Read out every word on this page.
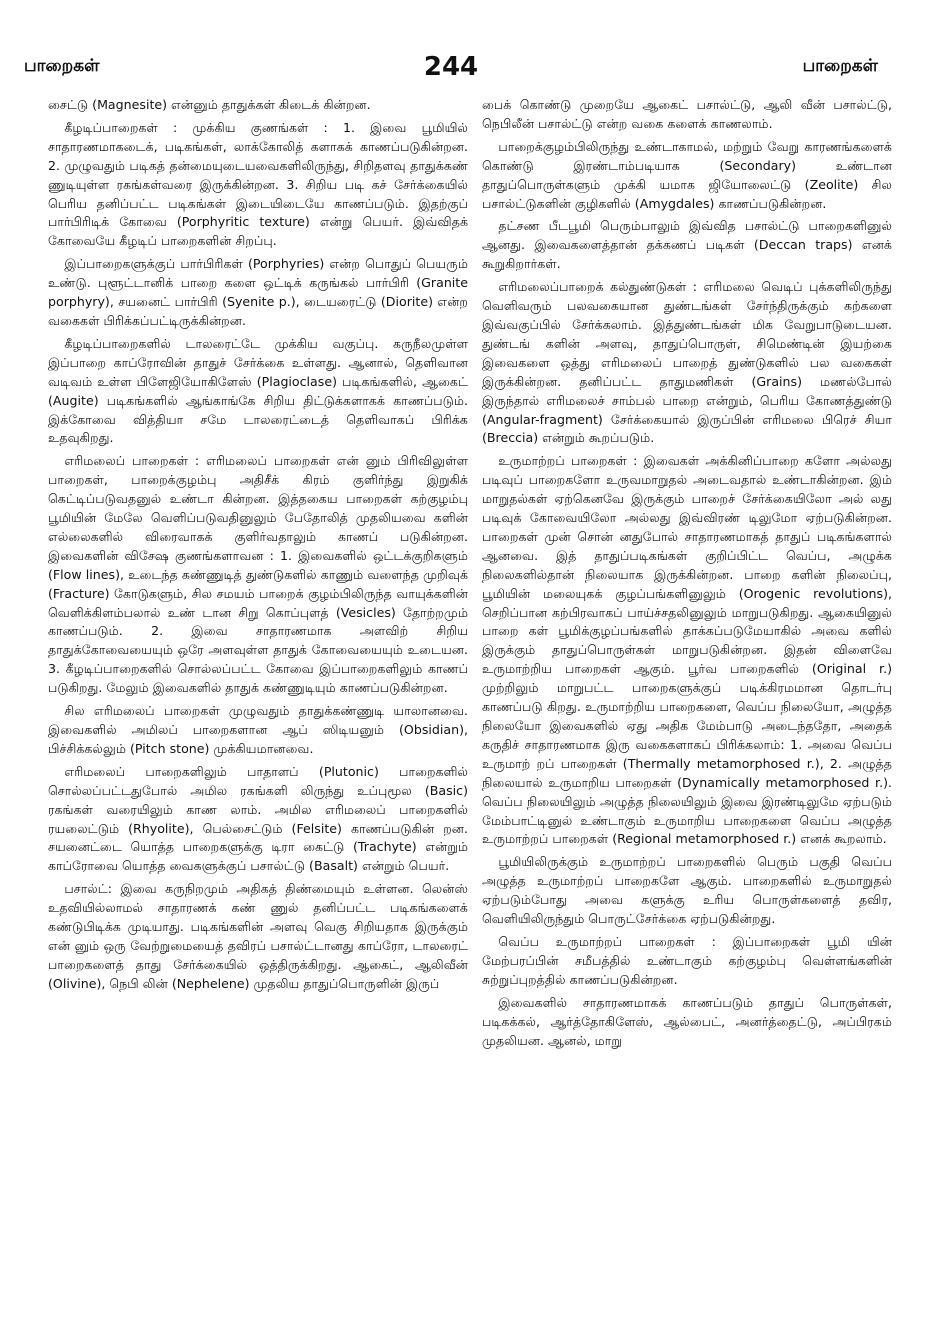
பாறைகள்	244	பாறைகள்

சைட்டு (Magnesite) என்னும் தாதுக்கள் கிடைக் கின்றன.

கீழடிப்பாறைகள் : முக்கிய குணங்கள் : 1. இவை பூமியில் சாதாரணமாகடைக், படிகங்கள், லாக்கோலித் களாகக் காணப்படுகின்றன. 2. முழுவதும் படிகத் தன்மையுடையவைகளிலிருந்து, சிறிதளவு தாதுக்கண் ணுடியுள்ள ரகங்கள்வரை இருக்கின்றன. 3. சிறிய படி கச் சேர்க்கையில் பெரிய தனிப்பட்ட படிகங்கள் இடையிடையே காணப்படும். இதற்குப் பார்பிரிடிக் கோவை (Porphyritic texture) என்று பெயர். இவ்விதக் கோவையே கீழடிப் பாறைகளின் சிறப்பு.

இப்பாறைகளுக்குப் பார்பிரிகள் (Porphyries) என்ற பொதுப் பெயரும் உண்டு. புளூட்டானிக் பாறை களை ஒட்டிக் கருங்கல் பார்பிரி (Granite porphyry), சயனைட் பார்பிரி (Syenite p.), டையரைட்டு (Diorite) என்ற வகைகள் பிரிக்கப்பட்டிருக்கின்றன.

கீழடிப்பாறைகளில் டாலரைட்டே முக்கிய வகுப்பு. கருநீலமுள்ள இப்பாறை காப்ரோவின் தாதுச் சேர்க்கை உள்ளது. ஆனால், தெளிவான வடிவம் உள்ள பிளேஜியோகிளேஸ் (Plagioclase) படிகங்களில், ஆகைட் (Augite) படிகங்களில் ஆங்காங்கே சிறிய திட்டுக்களாகக் காணப்படும். இக்கோவை வித்தியா சமே டாலரைட்டைத் தெளிவாகப் பிரிக்க உதவுகிறது.

எரிமலைப் பாறைகள் : எரிமலைப் பாறைகள் என் னும் பிரிவிலுள்ள பாறைகள், பாறைக்குழம்பு அதிசீக் கிரம் குளிர்ந்து இறுகிக் கெட்டிப்படுவதனுல் உண்டா கின்றன. இத்தகைய பாறைகள் கற்குழம்பு பூமியின் மேலே வெளிப்படுவதினுலும் பேதோலித் முதலியவை களின் எல்லைகளில் விரைவாகக் குளிர்வதாலும் காணப் படுகின்றன. இவைகளின் விசேஷ குணங்களாவன : 1. இவைகளில் ஒட்டக்குறிகளும் (Flow lines), உடைந்த கண்ணுடித் துண்டுகளில் காணும் வளைந்த முறிவுக் (Fracture) கோடுகளும், சில சமயம் பாறைக் குழம்பிலிருந்த வாயுக்களின் வெளிக்கிளம்பலால் உண் டான சிறு கொப்புளத் (Vesicles) தோற்றமும் காணப்படும். 2. இவை சாதாரணமாக அளவிற் சிறிய தாதுக்கோவையையும் ஒரே அளவுள்ள தாதுக் கோவையையும் உடையன. 3. கீழடிப்பாறைகளில் சொல்லப்பட்ட கோவை இப்பாறைகளிலும் காணப் படுகிறது. மேலும் இவைகளில் தாதுக் கண்ணுடியும் காணப்படுகின்றன.

சில எரிமலைப் பாறைகள் முழுவதும் தாதுக்கண்ணுடி யாலானவை. இவைகளில் அமிலப் பாறைகளான ஆப் ஸிடியனும் (Obsidian), பிச்சிக்கல்லும் (Pitch stone) முக்கியமானவை.

எரிமலைப் பாறைகளிலும் பாதாளப் (Plutonic) பாறைகளில் சொல்லப்பட்டதுபோல் அமில ரகங்களி லிருந்து உப்புமூல (Basic) ரகங்கள் வரையிலும் காண லாம். அமில எரிமலைப் பாறைகளில் ரயலைட்டும் (Rhyolite), பெல்சைட்டும் (Felsite) காணப்படுகின் றன. சயனைட்டை யொத்த பாறைகளுக்கு டிரா கைட்டு (Trachyte) என்றும் காப்ரோவை யொத்த வைகளுக்குப் பசால்ட்டு (Basalt) என்றும் பெயர்.

பசால்ட்: இவை கருநிறமும் அதிகத் திண்மையும் உள்ளன. லென்ஸ் உதவியில்லாமல் சாதாரணக் கண் ணுல் தனிப்பட்ட படிகங்களைக் கண்டுபிடிக்க முடியாது. படிகங்களின் அளவு வெகு சிறியதாக இருக்கும் என் னும் ஒரு வேற்றுமையைத் தவிரப் பசால்ட்டானது காப்ரோ, டாலரைட் பாறைகளைத் தாது சேர்க்கையில் ஒத்திருக்கிறது. ஆகைட், ஆலிவீன் (Olivine), நெபி லின் (Nephelene) முதலிய தாதுப்பொருளின் இருப்

பைக் கொண்டு முறையே ஆகைட் பசால்ட்டு, ஆலி வீன் பசால்ட்டு, நெபிலீன் பசால்ட்டு என்ற வகை களைக் காணலாம்.

பாறைக்குழம்பிலிருந்து உண்டாகாமல், மற்றும் வேறு காரணங்களைக் கொண்டு இரண்டாம்படியாக (Secondary) உண்டான தாதுப்பொருள்களும் முக்கி யமாக ஜியோலைட்டு (Zeolite) சில பசால்ட்டுகளின் குழிகளில் (Amygdales) காணப்படுகின்றன.

தட்சண பீடபூமி பெரும்பாலும் இவ்வித பசால்ட்டு பாறைகளினுல் ஆனது. இவைகளைத்தான் தக்கணப் படிகள் (Deccan traps) எனக் கூறுகிறார்கள்.

எரிமலைப்பாறைக் கல்துண்டுகள் : எரிமலை வெடிப் புக்களிலிருந்து வெளிவரும் பலவகையான துண்டங்கள் சேர்ந்திருக்கும் கற்களை இவ்வகுப்பில் சேர்க்கலாம். இத்துண்டங்கள் மிக வேறுபாடுடையன. துண்டங் களின் அளவு, தாதுப்பொருள், சிமெண்டின் இயற்கை இவைகளை ஒத்து எரிமலைப் பாறைத் துண்டுகளில் பல வகைகள் இருக்கின்றன. தனிப்பட்ட தாதுமணிகள் (Grains) மணல்போல் இருந்தால் எரிமலைச் சாம்பல் பாறை என்றும், பெரிய கோணத்துண்டு (Angular-fragment) சேர்க்கையால் இருப்பின் எரிமலை பிரெச் சியா (Breccia) என்றும் கூறப்படும்.

உருமாற்றப் பாறைகள் : இவைகள் அக்கினிப்பாறை களோ அல்லது படிவுப் பாறைகளோ உருவமாறுதல் அடைவதால் உண்டாகின்றன. இம் மாறுதல்கள் ஏற்கெனவே இருக்கும் பாறைச் சேர்க்கையிலோ அல் லது படிவுக் கோவையிலோ அல்லது இவ்விரண் டிலுமோ ஏற்படுகின்றன. பாறைகள் முன் சொன் னதுபோல் சாதாரணமாகத் தாதுப் படிகங்களால் ஆனவை. இத் தாதுப்படிகங்கள் குறிப்பிட்ட வெப்ப, அழுக்க நிலைகளில்தான் நிலையாக இருக்கின்றன. பாறை களின் நிலைப்பு, பூமியின் மலையுகக் குழப்பங்களினுலும் (Orogenic revolutions), செறிப்பான கற்பிரவாகப் பாய்ச்சதலினுலும் மாறுபடுகிறது. ஆகையினுல் பாறை கள் பூமிக்குழப்பங்களில் தாக்கப்படுமேயாகில் அவை களில் இருக்கும் தாதுப்பொருள்கள் மாறுபடுகின்றன. இதன் விளைவே உருமாற்றிய பாறைகள் ஆகும். பூர்வ பாறைகளில் (Original r.) முற்றிலும் மாறுபட்ட பாறைகளுக்குப் படிக்கிரமமான தொடர்பு காணப்படு கிறது. உருமாற்றிய பாறைகளை, வெப்ப நிலையோ, அழுத்த நிலையோ இவைகளில் ஏது அதிக மேம்பாடு அடைந்ததோ, அதைக் கருதிச் சாதாரணமாக இரு வகைகளாகப் பிரிக்கலாம்: 1. அவை வெப்ப உருமாற் றப் பாறைகள் (Thermally metamorphosed r.), 2. அழுத்த நிலையால் உருமாறிய பாறைகள் (Dynamically metamorphosed r.). வெப்ப நிலையிலும் அழுத்த நிலையிலும் இவை இரண்டிலுமே ஏற்படும் மேம்பாட்டினுல் உண்டாகும் உருமாறிய பாறைகளை வெப்ப அழுத்த உருமாற்றப் பாறைகள் (Regional metamorphosed r.) எனக் கூறலாம்.

பூமியிலிருக்கும் உருமாற்றப் பாறைகளில் பெரும் பகுதி வெப்ப அழுத்த உருமாற்றப் பாறைகளே ஆகும். பாறைகளில் உருமாறுதல் ஏற்படும்போது அவை களுக்கு உரிய பொருள்களைத் தவிர, வெளியிலிருந்தும் பொருட்சேர்க்கை ஏற்படுகின்றது.

வெப்ப உருமாற்றப் பாறைகள் : இப்பாறைகள் பூமி யின் மேற்பரப்பின் சமீபத்தில் உண்டாகும் கற்குழம்பு வெள்ளங்களின் சுற்றுப்புறத்தில் காணப்படுகின்றன.

இவைகளில் சாதாரணமாகக் காணப்படும் தாதுப் பொருள்கள், படிகக்கல், ஆர்த்தோகிளேஸ், ஆல்பைட், அனர்த்தைட்டு, அப்பிரகம் முதலியன. ஆனல், மாறு
